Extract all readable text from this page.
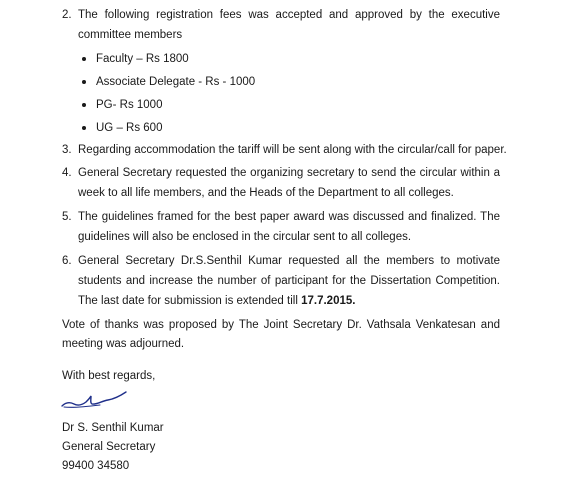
2. The following registration fees was accepted and approved by the executive
committee members
Faculty – Rs 1800
Associate Delegate - Rs - 1000
PG- Rs 1000
UG – Rs 600
3. Regarding accommodation the tariff will be sent along with the circular/call for paper.
4. General Secretary requested the organizing secretary to send the circular within a
week to all life members, and the Heads of the Department to all colleges.
5. The guidelines framed for the best paper award was discussed and finalized. The
guidelines will also be enclosed in the circular sent to all colleges.
6. General Secretary Dr.S.Senthil Kumar requested all the members to motivate
students and increase the number of participant for the Dissertation Competition.
The last date for submission is extended till 17.7.2015.
Vote of thanks was proposed by The Joint Secretary Dr. Vathsala Venkatesan and
meeting was adjourned.
With best regards,
Dr S. Senthil Kumar
General Secretary
99400 34580
